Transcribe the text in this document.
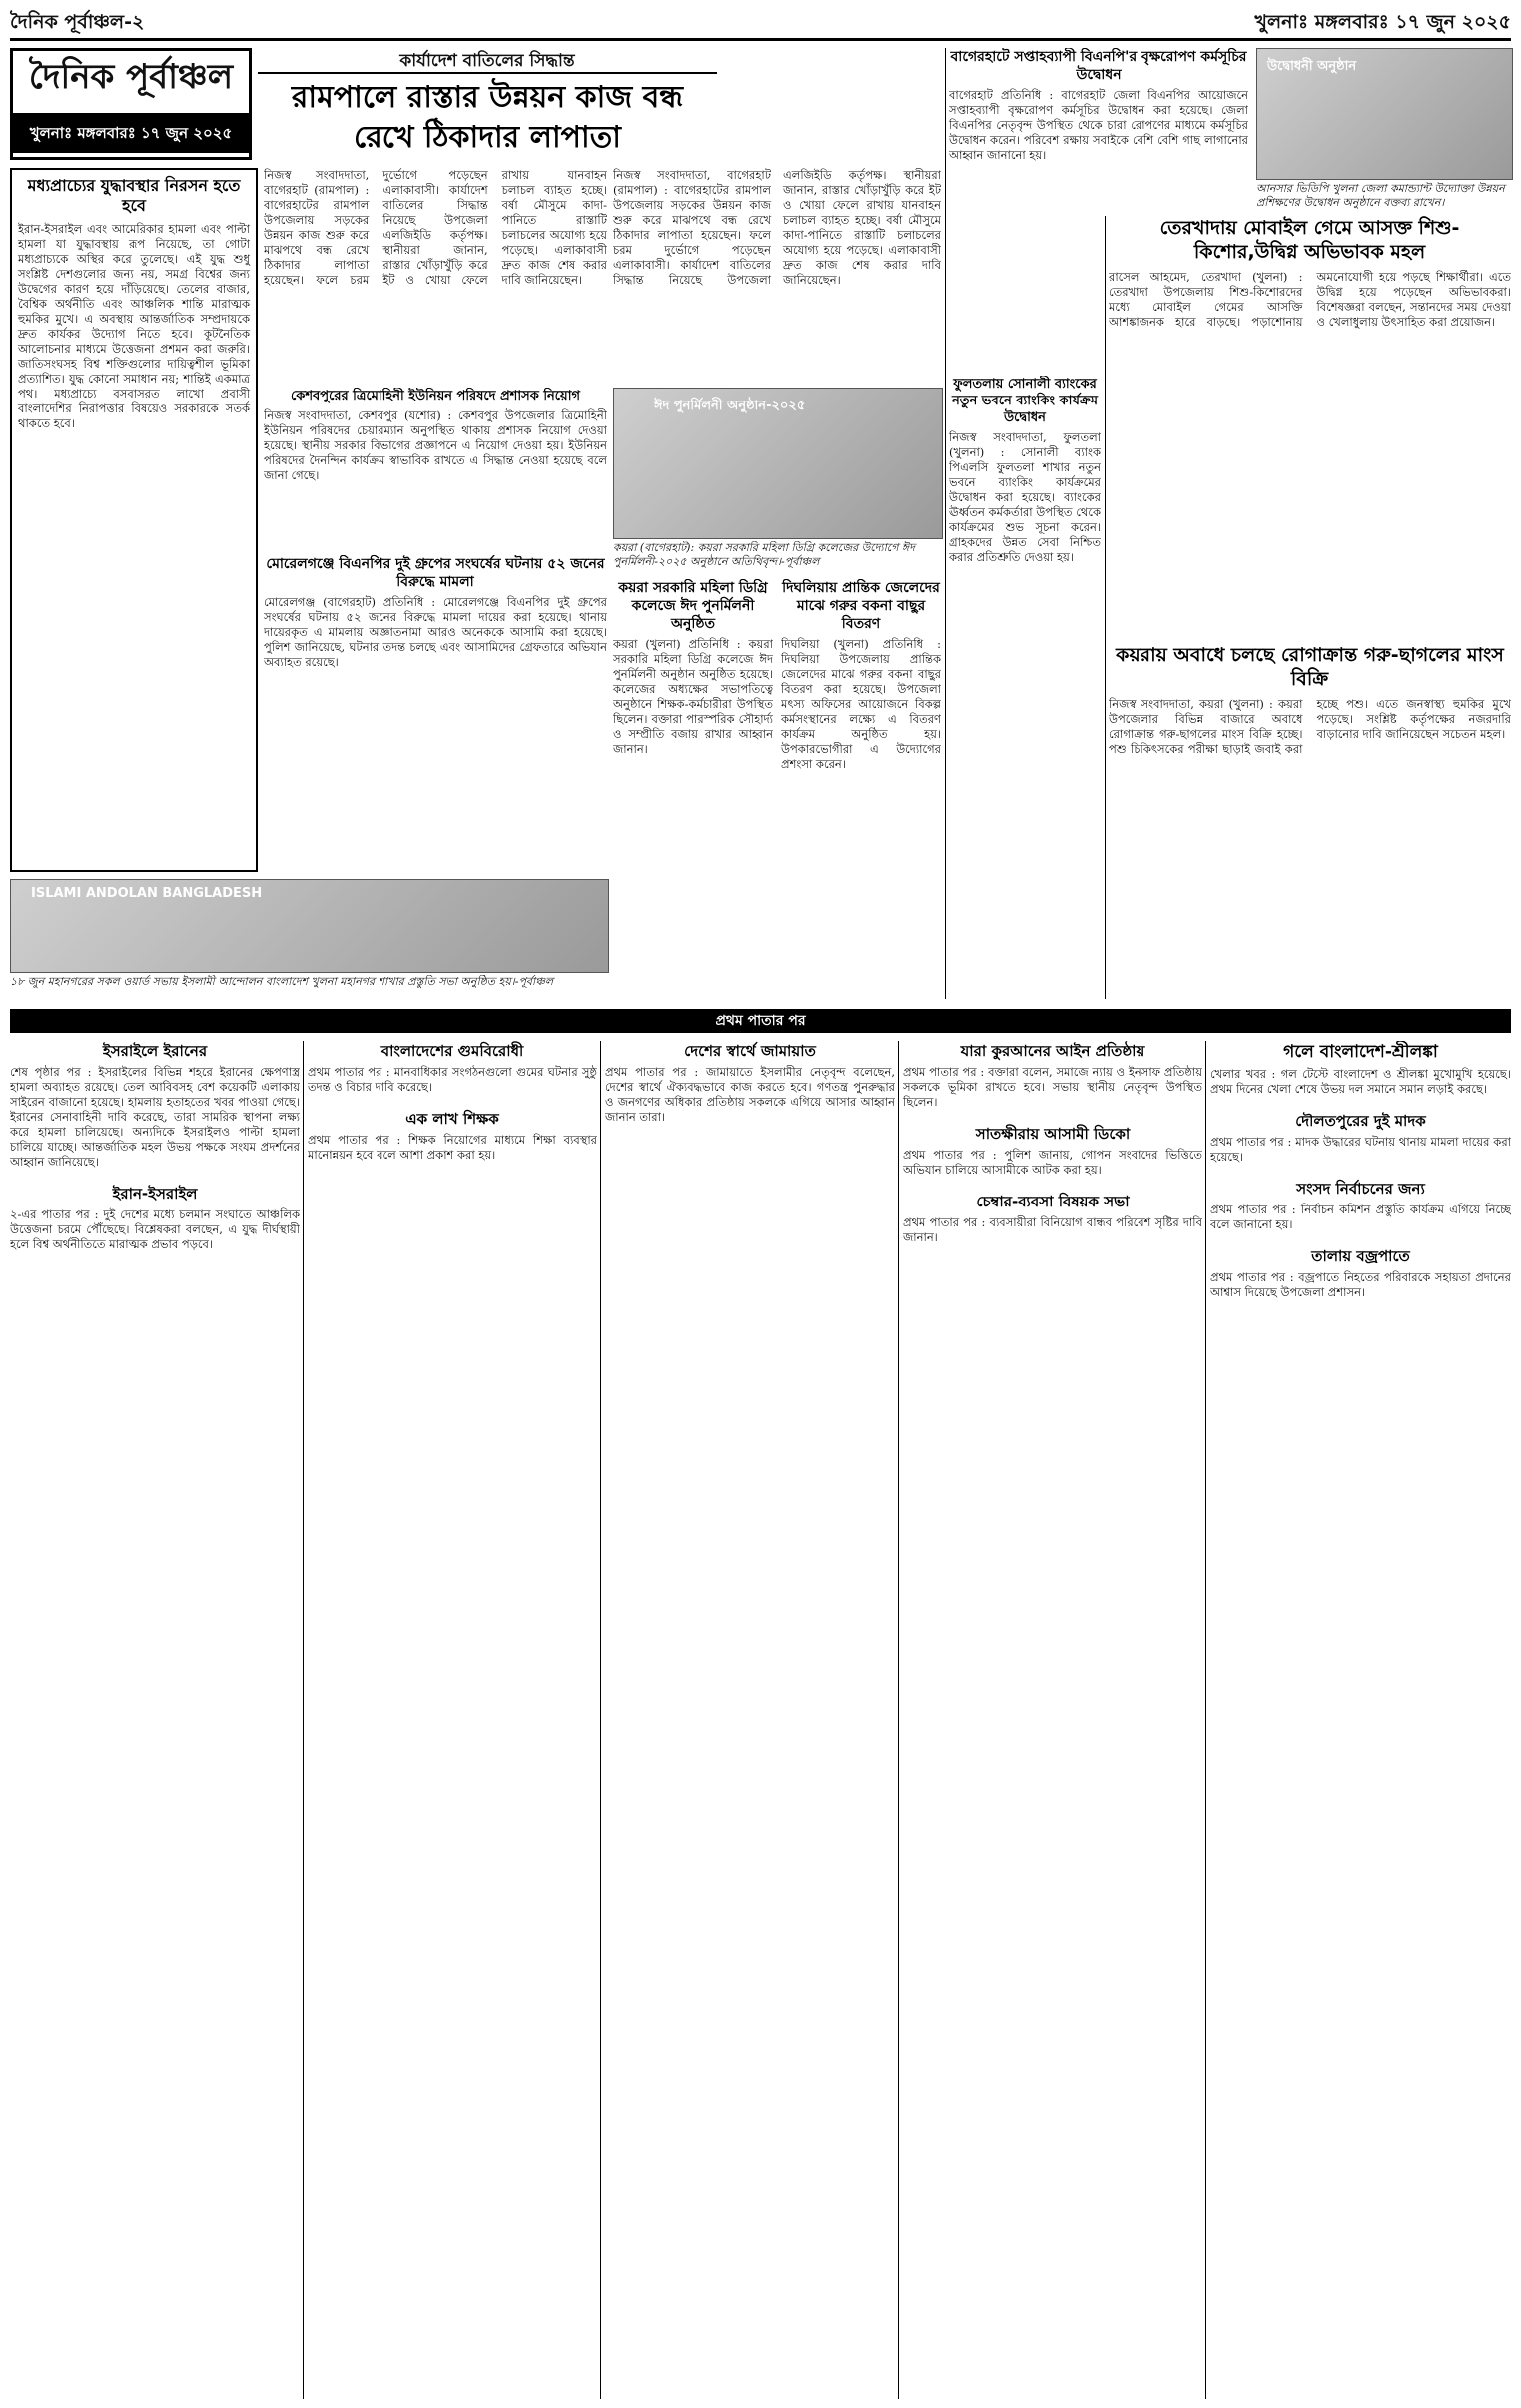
দৈনিক পূর্বাঞ্চল-২	খুলনাঃ মঙ্গলবারঃ ১৭ জুন ২০২৫
দৈনিক পূর্বাঞ্চল
খুলনাঃ মঙ্গলবারঃ ১৭ জুন ২০২৫
কার্যাদেশ বাতিলের সিদ্ধান্ত
রামপালে রাস্তার উন্নয়ন কাজ বন্ধ রেখে ঠিকাদার লাপাতা
মধ্যপ্রাচ্যের যুদ্ধাবস্থার নিরসন হতে হবে

ইরান-ইসরাইল এবং আমেরিকার হামলা এবং পাল্টা হামলা যা যুদ্ধাবস্থায় রূপ নিয়েছে, তা গোটা মধ্যপ্রাচ্যকে অস্থির করে তুলেছে। এই যুদ্ধ শুধু সংশ্লিষ্ট দেশগুলোর জন্য নয়, সমগ্র বিশ্বের জন্য উদ্বেগের কারণ হয়ে দাঁড়িয়েছে। তেলের বাজার, বৈশ্বিক অর্থনীতি এবং আঞ্চলিক শান্তি মারাত্মক হুমকির মুখে। এ অবস্থায় আন্তর্জাতিক সম্প্রদায়কে দ্রুত কার্যকর উদ্যোগ নিতে হবে। কূটনৈতিক আলোচনার মাধ্যমে উত্তেজনা প্রশমন করা জরুরি। জাতিসংঘসহ বিশ্ব শক্তিগুলোর দায়িত্বশীল ভূমিকা প্রত্যাশিত। যুদ্ধ কোনো সমাধান নয়; শান্তিই একমাত্র পথ। মধ্যপ্রাচ্যে বসবাসরত লাখো প্রবাসী বাংলাদেশির নিরাপত্তার বিষয়েও সরকারকে সতর্ক থাকতে হবে।

ISLAMI ANDOLAN BANGLADESH

১৮ জুন মহানগরের সকল ওয়ার্ড সভায় ইসলামী আন্দোলন বাংলাদেশ খুলনা মহানগর শাখার প্রস্তুতি সভা অনুষ্ঠিত হয়।-পূর্বাঞ্চল

নিজস্ব সংবাদদাতা, বাগেরহাট (রামপাল) : বাগেরহাটের রামপাল উপজেলায় সড়কের উন্নয়ন কাজ শুরু করে মাঝপথে বন্ধ রেখে ঠিকাদার লাপাতা হয়েছেন। ফলে চরম দুর্ভোগে পড়েছেন এলাকাবাসী। কার্যাদেশ বাতিলের সিদ্ধান্ত নিয়েছে উপজেলা এলজিইডি কর্তৃপক্ষ। স্থানীয়রা জানান, রাস্তার খোঁড়াখুঁড়ি করে ইট ও খোয়া ফেলে রাখায় যানবাহন চলাচল ব্যাহত হচ্ছে। বর্ষা মৌসুমে কাদা-পানিতে রাস্তাটি চলাচলের অযোগ্য হয়ে পড়েছে। এলাকাবাসী দ্রুত কাজ শেষ করার দাবি জানিয়েছেন।
কেশবপুরের ত্রিমোহিনী ইউনিয়ন পরিষদে প্রশাসক নিয়োগ

নিজস্ব সংবাদদাতা, কেশবপুর (যশোর) : কেশবপুর উপজেলার ত্রিমোহিনী ইউনিয়ন পরিষদের চেয়ারম্যান অনুপস্থিত থাকায় প্রশাসক নিয়োগ দেওয়া হয়েছে। স্থানীয় সরকার বিভাগের প্রজ্ঞাপনে এ নিয়োগ দেওয়া হয়। ইউনিয়ন পরিষদের দৈনন্দিন কার্যক্রম স্বাভাবিক রাখতে এ সিদ্ধান্ত নেওয়া হয়েছে বলে জানা গেছে।

মোরেলগঞ্জে বিএনপির দুই গ্রুপের সংঘর্ষের ঘটনায় ৫২ জনের বিরুদ্ধে মামলা

মোরেলগঞ্জ (বাগেরহাট) প্রতিনিধি : মোরেলগঞ্জে বিএনপির দুই গ্রুপের সংঘর্ষের ঘটনায় ৫২ জনের বিরুদ্ধে মামলা দায়ের করা হয়েছে। থানায় দায়েরকৃত এ মামলায় অজ্ঞাতনামা আরও অনেককে আসামি করা হয়েছে। পুলিশ জানিয়েছে, ঘটনার তদন্ত চলছে এবং আসামিদের গ্রেফতারে অভিযান অব্যাহত রয়েছে।

ঈদ পুনর্মিলনী অনুষ্ঠান-২০২৫

কয়রা (বাগেরহাট): কয়রা সরকারি মহিলা ডিগ্রি কলেজের উদ্যোগে ঈদ পুনর্মিলনী-২০২৫ অনুষ্ঠানে অতিথিবৃন্দ।-পূর্বাঞ্চল

কয়রা সরকারি মহিলা ডিগ্রি কলেজে ঈদ পুনর্মিলনী অনুষ্ঠিত

কয়রা (খুলনা) প্রতিনিধি : কয়রা সরকারি মহিলা ডিগ্রি কলেজে ঈদ পুনর্মিলনী অনুষ্ঠান অনুষ্ঠিত হয়েছে। কলেজের অধ্যক্ষের সভাপতিত্বে অনুষ্ঠানে শিক্ষক-কর্মচারীরা উপস্থিত ছিলেন। বক্তারা পারস্পরিক সৌহার্দ্য ও সম্প্রীতি বজায় রাখার আহ্বান জানান।

দিঘলিয়ায় প্রান্তিক জেলেদের মাঝে গরুর বকনা বাছুর বিতরণ

দিঘলিয়া (খুলনা) প্রতিনিধি : দিঘলিয়া উপজেলায় প্রান্তিক জেলেদের মাঝে গরুর বকনা বাছুর বিতরণ করা হয়েছে। উপজেলা মৎস্য অফিসের আয়োজনে বিকল্প কর্মসংস্থানের লক্ষ্যে এ বিতরণ কার্যক্রম অনুষ্ঠিত হয়। উপকারভোগীরা এ উদ্যোগের প্রশংসা করেন।

নিজস্ব সংবাদদাতা, বাগেরহাট (রামপাল) : বাগেরহাটের রামপাল উপজেলায় সড়কের উন্নয়ন কাজ শুরু করে মাঝপথে বন্ধ রেখে ঠিকাদার লাপাতা হয়েছেন। ফলে চরম দুর্ভোগে পড়েছেন এলাকাবাসী। কার্যাদেশ বাতিলের সিদ্ধান্ত নিয়েছে উপজেলা এলজিইডি কর্তৃপক্ষ। স্থানীয়রা জানান, রাস্তার খোঁড়াখুঁড়ি করে ইট ও খোয়া ফেলে রাখায় যানবাহন চলাচল ব্যাহত হচ্ছে। বর্ষা মৌসুমে কাদা-পানিতে রাস্তাটি চলাচলের অযোগ্য হয়ে পড়েছে। এলাকাবাসী দ্রুত কাজ শেষ করার দাবি জানিয়েছেন।
বাগেরহাটে সপ্তাহব্যাপী বিএনপি'র বৃক্ষরোপণ কর্মসূচির উদ্বোধন

বাগেরহাট প্রতিনিধি : বাগেরহাট জেলা বিএনপির আয়োজনে সপ্তাহব্যাপী বৃক্ষরোপণ কর্মসূচির উদ্বোধন করা হয়েছে। জেলা বিএনপির নেতৃবৃন্দ উপস্থিত থেকে চারা রোপণের মাধ্যমে কর্মসূচির উদ্বোধন করেন। পরিবেশ রক্ষায় সবাইকে বেশি বেশি গাছ লাগানোর আহ্বান জানানো হয়।

উদ্বোধনী অনুষ্ঠান

আনসার ভিডিপি খুলনা জেলা কমান্ড্যান্ট উদ্যোক্তা উন্নয়ন প্রশিক্ষণের উদ্বোধন অনুষ্ঠানে বক্তব্য রাখেন।

তেরখাদায় মোবাইল গেমে আসক্ত শিশু-কিশোর,উদ্বিগ্ন অভিভাবক মহল

রাসেল আহমেদ, তেরখাদা (খুলনা) : তেরখাদা উপজেলায় শিশু-কিশোরদের মধ্যে মোবাইল গেমের আসক্তি আশঙ্কাজনক হারে বাড়ছে। পড়াশোনায় অমনোযোগী হয়ে পড়ছে শিক্ষার্থীরা। এতে উদ্বিগ্ন হয়ে পড়েছেন অভিভাবকরা। বিশেষজ্ঞরা বলছেন, সন্তানদের সময় দেওয়া ও খেলাধুলায় উৎসাহিত করা প্রয়োজন।

ফুলতলায় সোনালী ব্যাংকের নতুন ভবনে ব্যাংকিং কার্যক্রম উদ্বোধন

নিজস্ব সংবাদদাতা, ফুলতলা (খুলনা) : সোনালী ব্যাংক পিএলসি ফুলতলা শাখার নতুন ভবনে ব্যাংকিং কার্যক্রমের উদ্বোধন করা হয়েছে। ব্যাংকের ঊর্ধ্বতন কর্মকর্তারা উপস্থিত থেকে কার্যক্রমের শুভ সূচনা করেন। গ্রাহকদের উন্নত সেবা নিশ্চিত করার প্রতিশ্রুতি দেওয়া হয়।

কয়রায় অবাধে চলছে রোগাক্রান্ত গরু-ছাগলের মাংস বিক্রি

নিজস্ব সংবাদদাতা, কয়রা (খুলনা) : কয়রা উপজেলার বিভিন্ন বাজারে অবাধে রোগাক্রান্ত গরু-ছাগলের মাংস বিক্রি হচ্ছে। পশু চিকিৎসকের পরীক্ষা ছাড়াই জবাই করা হচ্ছে পশু। এতে জনস্বাস্থ্য হুমকির মুখে পড়েছে। সংশ্লিষ্ট কর্তৃপক্ষের নজরদারি বাড়ানোর দাবি জানিয়েছেন সচেতন মহল।

প্রথম পাতার পর
ইসরাইলে ইরানের

শেষ পৃষ্ঠার পর : ইসরাইলের বিভিন্ন শহরে ইরানের ক্ষেপণাস্ত্র হামলা অব্যাহত রয়েছে। তেল আবিবসহ বেশ কয়েকটি এলাকায় সাইরেন বাজানো হয়েছে। হামলায় হতাহতের খবর পাওয়া গেছে। ইরানের সেনাবাহিনী দাবি করেছে, তারা সামরিক স্থাপনা লক্ষ্য করে হামলা চালিয়েছে। অন্যদিকে ইসরাইলও পাল্টা হামলা চালিয়ে যাচ্ছে। আন্তর্জাতিক মহল উভয় পক্ষকে সংযম প্রদর্শনের আহ্বান জানিয়েছে।

ইরান-ইসরাইল

২-এর পাতার পর : দুই দেশের মধ্যে চলমান সংঘাতে আঞ্চলিক উত্তেজনা চরমে পৌঁছেছে। বিশ্লেষকরা বলছেন, এ যুদ্ধ দীর্ঘস্থায়ী হলে বিশ্ব অর্থনীতিতে মারাত্মক প্রভাব পড়বে।

বাংলাদেশের গুমবিরোধী

প্রথম পাতার পর : মানবাধিকার সংগঠনগুলো গুমের ঘটনার সুষ্ঠু তদন্ত ও বিচার দাবি করেছে।

এক লাখ শিক্ষক

প্রথম পাতার পর : শিক্ষক নিয়োগের মাধ্যমে শিক্ষা ব্যবস্থার মানোন্নয়ন হবে বলে আশা প্রকাশ করা হয়।

দেশের স্বার্থে জামায়াত

প্রথম পাতার পর : জামায়াতে ইসলামীর নেতৃবৃন্দ বলেছেন, দেশের স্বার্থে ঐক্যবদ্ধভাবে কাজ করতে হবে। গণতন্ত্র পুনরুদ্ধার ও জনগণের অধিকার প্রতিষ্ঠায় সকলকে এগিয়ে আসার আহ্বান জানান তারা।

যারা কুরআনের আইন প্রতিষ্ঠায়

প্রথম পাতার পর : বক্তারা বলেন, সমাজে ন্যায় ও ইনসাফ প্রতিষ্ঠায় সকলকে ভূমিকা রাখতে হবে। সভায় স্থানীয় নেতৃবৃন্দ উপস্থিত ছিলেন।

সাতক্ষীরায় আসামী ডিকো

প্রথম পাতার পর : পুলিশ জানায়, গোপন সংবাদের ভিত্তিতে অভিযান চালিয়ে আসামীকে আটক করা হয়।

চেম্বার-ব্যবসা বিষয়ক সভা

প্রথম পাতার পর : ব্যবসায়ীরা বিনিয়োগ বান্ধব পরিবেশ সৃষ্টির দাবি জানান।

গলে বাংলাদেশ-শ্রীলঙ্কা

খেলার খবর : গল টেস্টে বাংলাদেশ ও শ্রীলঙ্কা মুখোমুখি হয়েছে। প্রথম দিনের খেলা শেষে উভয় দল সমানে সমান লড়াই করছে।

দৌলতপুরের দুই মাদক

প্রথম পাতার পর : মাদক উদ্ধারের ঘটনায় থানায় মামলা দায়ের করা হয়েছে।

সংসদ নির্বাচনের জন্য

প্রথম পাতার পর : নির্বাচন কমিশন প্রস্তুতি কার্যক্রম এগিয়ে নিচ্ছে বলে জানানো হয়।

তালায় বজ্রপাতে

প্রথম পাতার পর : বজ্রপাতে নিহতের পরিবারকে সহায়তা প্রদানের আশ্বাস দিয়েছে উপজেলা প্রশাসন।
